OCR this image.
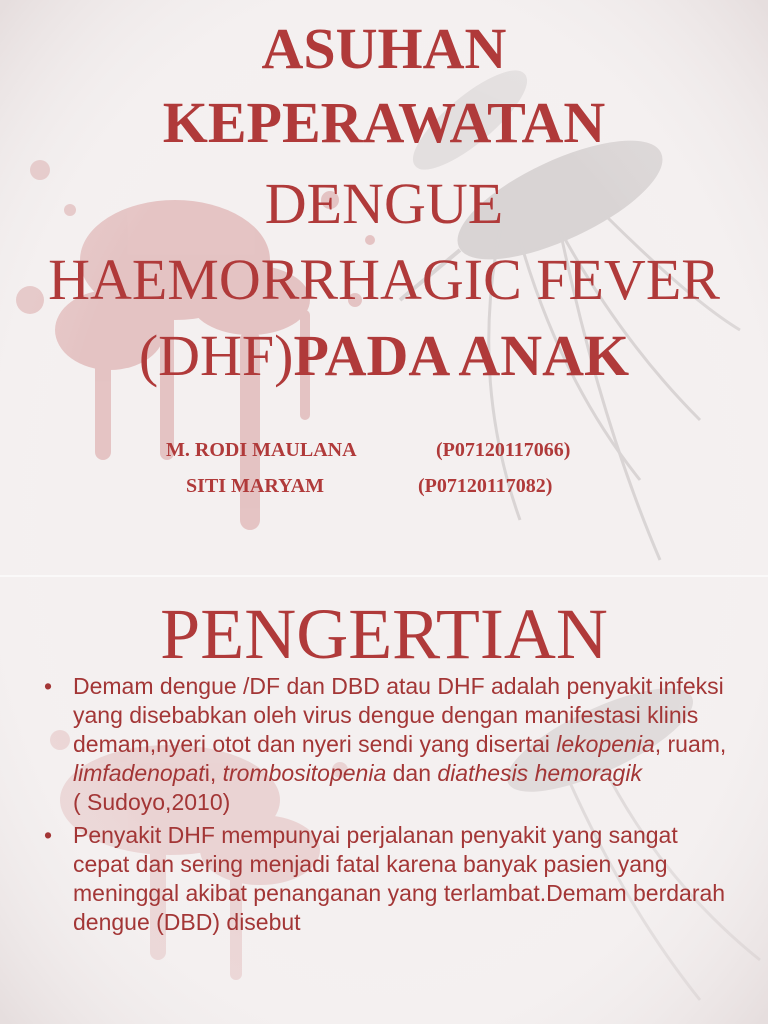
ASUHAN
KEPERAWATAN
DENGUE
HAEMORRHAGIC FEVER
(DHF)PADA ANAK
M. RODI MAULANA	(P07120117066)
SITI MARYAM	(P07120117082)
PENGERTIAN
• Demam dengue /DF dan DBD atau DHF adalah penyakit infeksi yang disebabkan oleh virus dengue dengan manifestasi klinis demam,nyeri otot dan nyeri sendi yang disertai lekopenia, ruam, limfadenopati, trombositopenia dan diathesis hemoragik
( Sudoyo,2010)
• Penyakit DHF mempunyai perjalanan penyakit yang sangat cepat dan sering menjadi fatal karena banyak pasien yang meninggal akibat penanganan yang terlambat.Demam berdarah dengue (DBD) disebut
